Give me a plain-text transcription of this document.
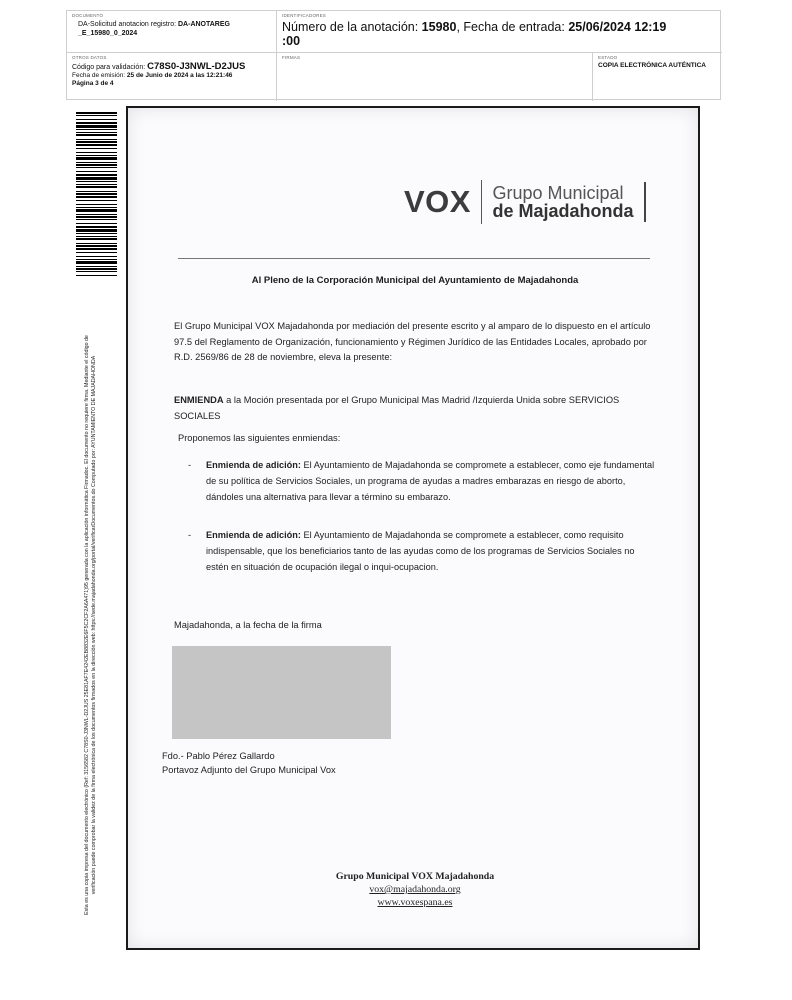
DOCUMENTO
DA-Solicitud anotacion registro: DA-ANOTAREG
_E_15980_0_2024
IDENTIFICADORES
Número de la anotación: 15980, Fecha de entrada: 25/06/2024 12:19
:00
OTROS DATOS
Código para validación: C78S0-J3NWL-D2JUS
Fecha de emisión: 25 de Junio de 2024 a las 12:21:46
Página 3 de 4
FIRMAS	ESTADO
COPIA ELECTRÓNICA AUTÉNTICA
Esta es una copia impresa del documento electrónico (Ref: 3156582 C78S0-J3NWL-D2JUS 25E81AF7E4242EB8832E6F5C2CF2A6A471)95 generada con la aplicación informática Firmadoc. El documento no requiere firma. Mediante el código de verificación puede comprobar la validez de la firma electrónica de los documentos firmados en la dirección web: https://sede.majadahonda.org/portal/verificarDocumentos.do Computado por: AYUNTAMIENTO DE MAJADAHONDA
VOX Grupo Municipal
de Majadahonda
Al Pleno de la Corporación Municipal del Ayuntamiento de Majadahonda
El Grupo Municipal VOX Majadahonda por mediación del presente escrito y al amparo de lo dispuesto en el artículo 97.5 del Reglamento de Organización, funcionamiento y Régimen Jurídico de las Entidades Locales, aprobado por R.D. 2569/86 de 28 de noviembre, eleva la presente:
ENMIENDA a la Moción presentada por el Grupo Municipal Mas Madrid /Izquierda Unida sobre SERVICIOS SOCIALES
Proponemos las siguientes enmiendas:
- Enmienda de adición: El Ayuntamiento de Majadahonda se compromete a establecer, como eje fundamental de su política de Servicios Sociales, un programa de ayudas a madres embarazas en riesgo de aborto, dándoles una alternativa para llevar a término su embarazo.
- Enmienda de adición: El Ayuntamiento de Majadahonda se compromete a establecer, como requisito indispensable, que los beneficiarios tanto de las ayudas como de los programas de Servicios Sociales no estén en situación de ocupación ilegal o inqui-ocupacion.
Majadahonda, a la fecha de la firma
Fdo.- Pablo Pérez Gallardo
Portavoz Adjunto del Grupo Municipal Vox
Grupo Municipal VOX Majadahonda
vox@majadahonda.org
www.voxespana.es
